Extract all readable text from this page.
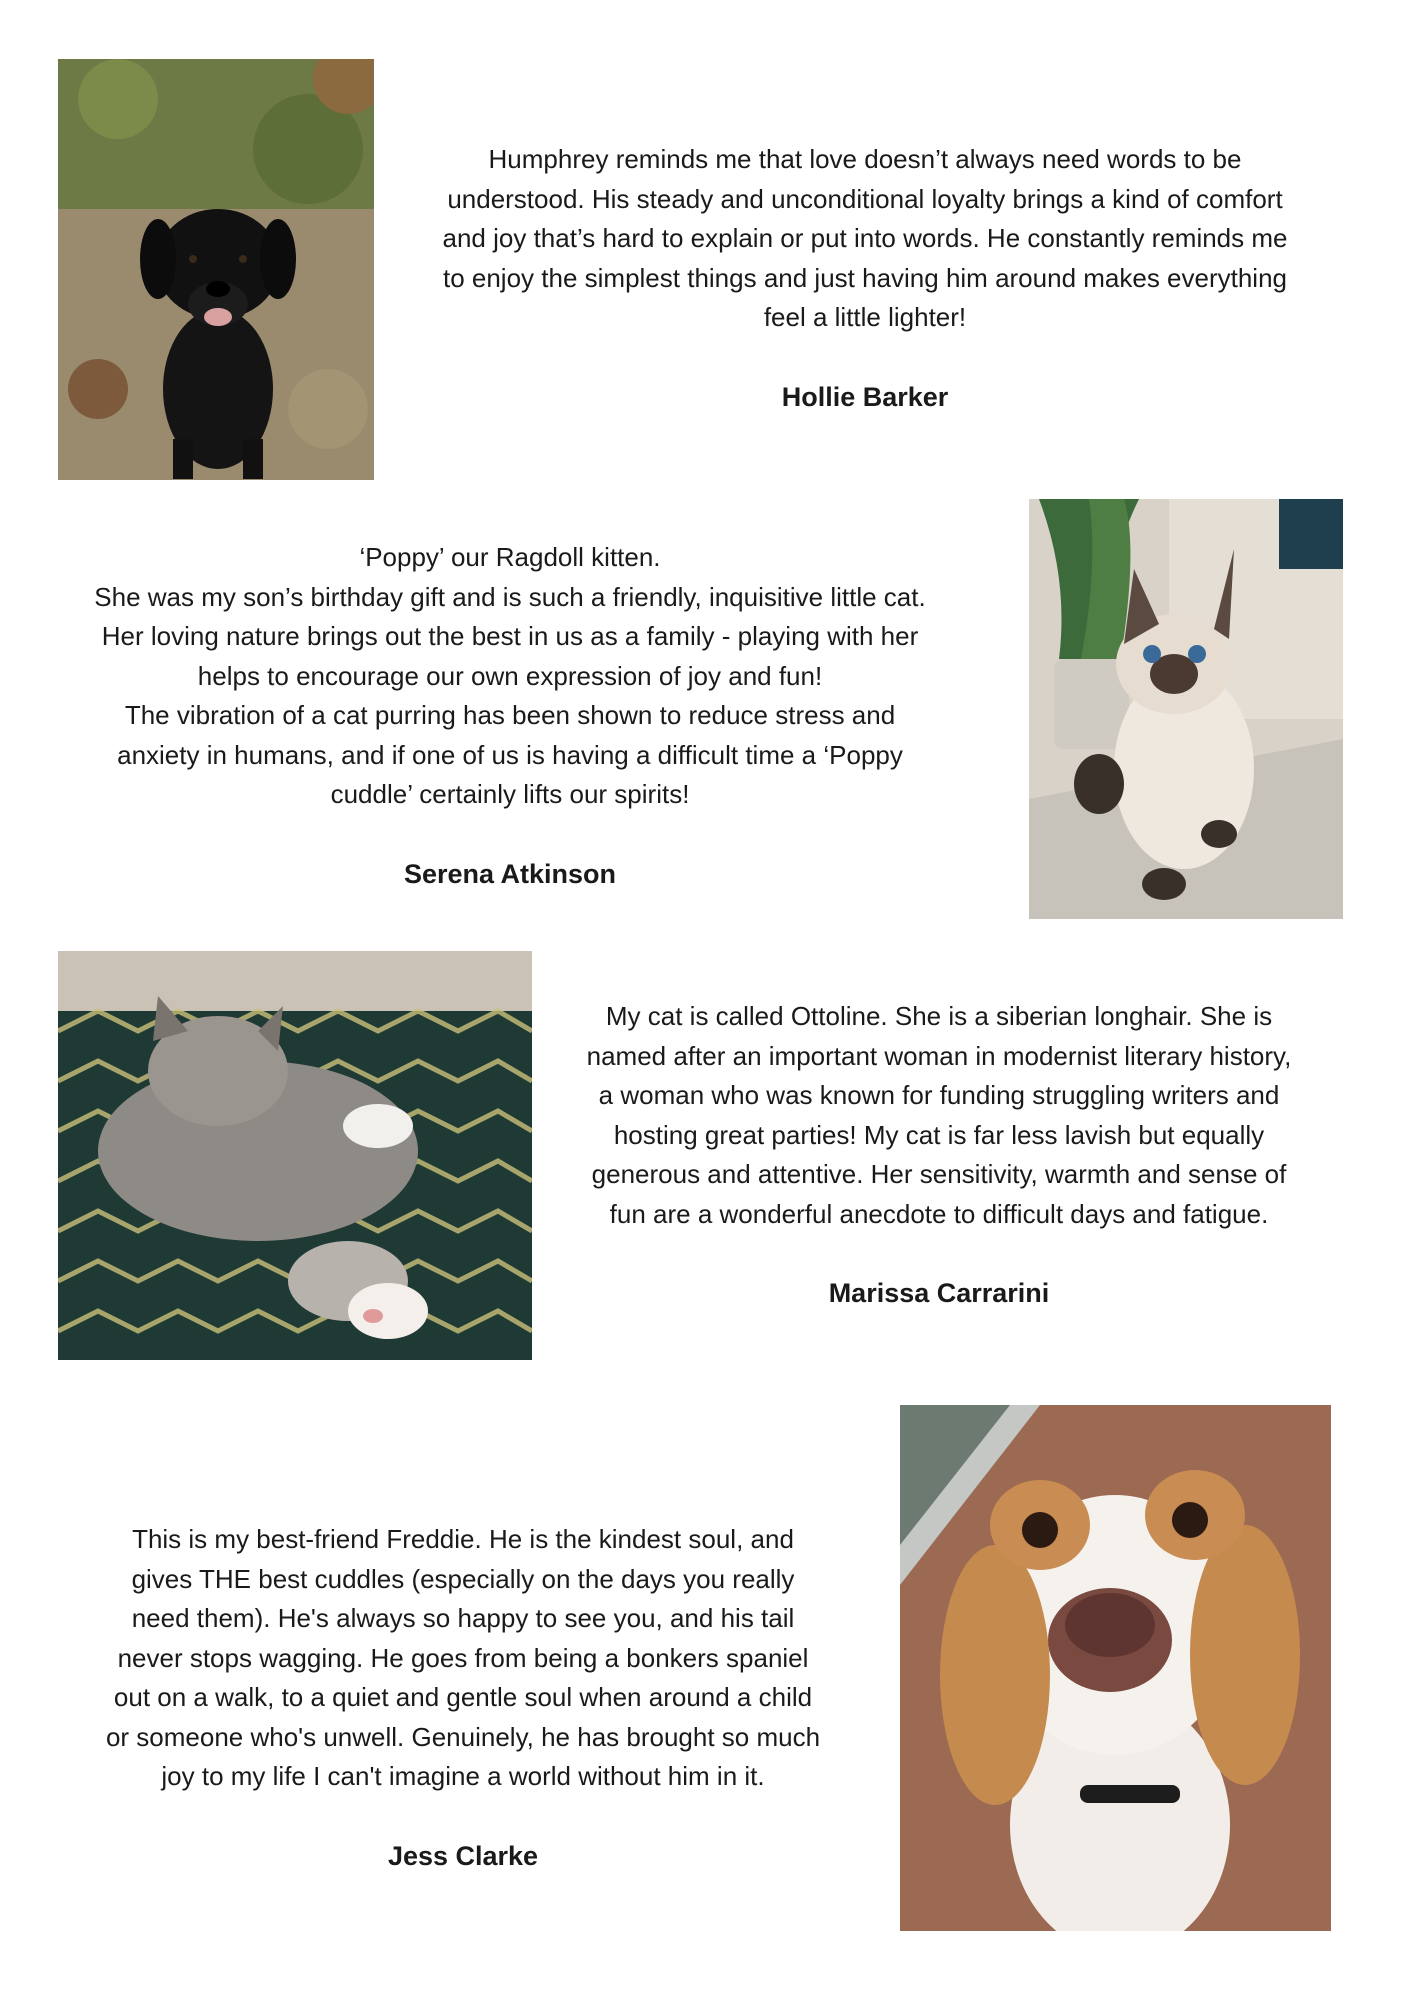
Humphrey reminds me that love doesn’t always need words to be

understood. His steady and unconditional loyalty brings a kind of comfort

and joy that’s hard to explain or put into words. He constantly reminds me

to enjoy the simplest things and just having him around makes everything

feel a little lighter!

Hollie Barker

‘Poppy’ our Ragdoll kitten.

She was my son’s birthday gift and is such a friendly, inquisitive little cat.

Her loving nature brings out the best in us as a family - playing with her

helps to encourage our own expression of joy and fun!

The vibration of a cat purring has been shown to reduce stress and

anxiety in humans, and if one of us is having a difficult time a ‘Poppy

cuddle’ certainly lifts our spirits!

Serena Atkinson

My cat is called Ottoline. She is a siberian longhair. She is

named after an important woman in modernist literary history,

a woman who was known for funding struggling writers and

hosting great parties! My cat is far less lavish but equally

generous and attentive. Her sensitivity, warmth and sense of

fun are a wonderful anecdote to difficult days and fatigue.

Marissa Carrarini

This is my best-friend Freddie. He is the kindest soul, and

gives THE best cuddles (especially on the days you really

need them). He's always so happy to see you, and his tail

never stops wagging. He goes from being a bonkers spaniel

out on a walk, to a quiet and gentle soul when around a child

or someone who's unwell. Genuinely, he has brought so much

joy to my life I can't imagine a world without him in it.

Jess Clarke
